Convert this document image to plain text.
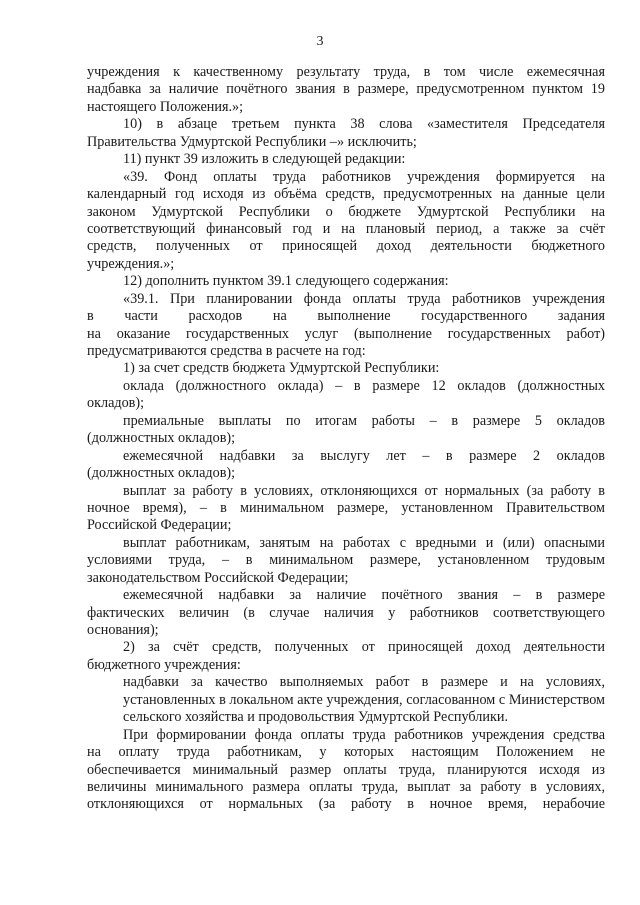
3
учреждения к качественному результату труда, в том числе ежемесячная
надбавка за наличие почётного звания в размере, предусмотренном пунктом 19
настоящего Положения.»;
10) в абзаце третьем пункта 38 слова «заместителя Председателя
Правительства Удмуртской Республики –» исключить;
11) пункт 39 изложить в следующей редакции:
«39. Фонд оплаты труда работников учреждения формируется на
календарный год исходя из объёма средств, предусмотренных на данные цели
законом Удмуртской Республики о бюджете Удмуртской Республики на
соответствующий финансовый год и на плановый период, а также за счёт
средств, полученных от приносящей доход деятельности бюджетного
учреждения.»;
12) дополнить пунктом 39.1 следующего содержания:
«39.1. При планировании фонда оплаты труда работников учреждения
в части расходов на выполнение государственного задания
на оказание государственных услуг (выполнение государственных работ)
предусматриваются средства в расчете на год:
1) за счет средств бюджета Удмуртской Республики:
оклада (должностного оклада) – в размере 12 окладов (должностных
окладов);
премиальные выплаты по итогам работы – в размере 5 окладов
(должностных окладов);
ежемесячной надбавки за выслугу лет – в размере 2 окладов
(должностных окладов);
выплат за работу в условиях, отклоняющихся от нормальных (за работу в
ночное время), – в минимальном размере, установленном Правительством
Российской Федерации;
выплат работникам, занятым на работах с вредными и (или) опасными
условиями труда, – в минимальном размере, установленном трудовым
законодательством Российской Федерации;
ежемесячной надбавки за наличие почётного звания – в размере
фактических величин (в случае наличия у работников соответствующего
основания);
2) за счёт средств, полученных от приносящей доход деятельности
бюджетного учреждения:
надбавки за качество выполняемых работ в размере и на условиях,
установленных в локальном акте учреждения, согласованном с Министерством
сельского хозяйства и продовольствия Удмуртской Республики.
При формировании фонда оплаты труда работников учреждения средства
на оплату труда работникам, у которых настоящим Положением не
обеспечивается минимальный размер оплаты труда, планируются исходя из
величины минимального размера оплаты труда, выплат за работу в условиях,
отклоняющихся от нормальных (за работу в ночное время, нерабочие
